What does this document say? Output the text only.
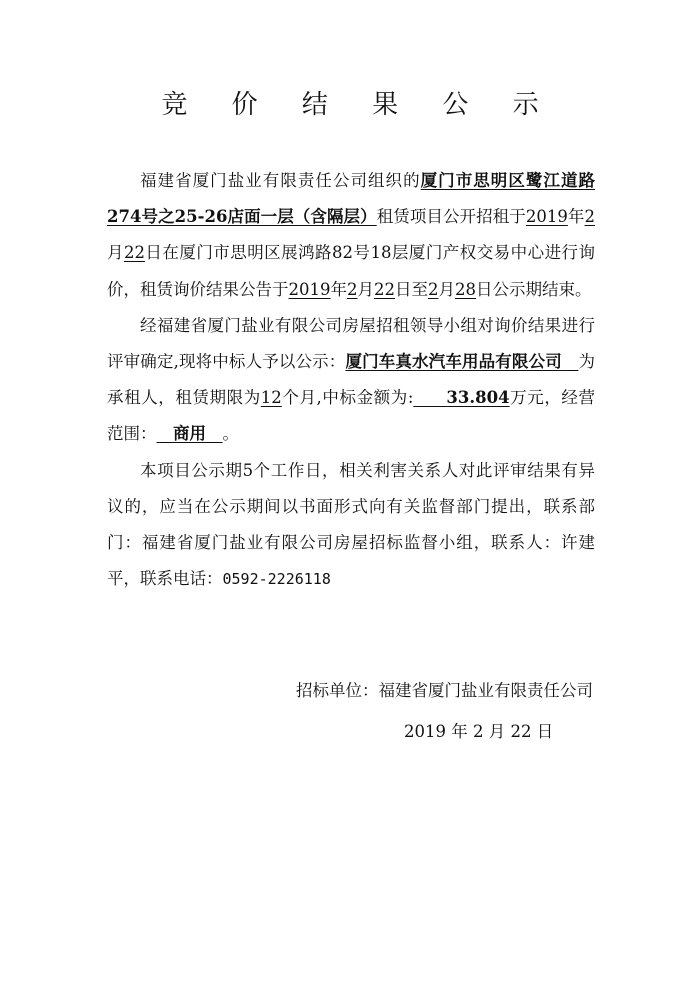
竞 价 结 果 公 示

福建省厦门盐业有限责任公司组织的厦门市思明区鹭江道路274号之25-26店面一层（含隔层）租赁项目公开招租于2019年2月22日在厦门市思明区展鸿路82号18层厦门产权交易中心进行询价，租赁询价结果公告于2019年2月22日至2月28日公示期结束。

经福建省厦门盐业有限公司房屋招租领导小组对询价结果进行评审确定,现将中标人予以公示：厦门车真水汽车用品有限公司  为承租人，租赁期限为12个月,中标金额为:   33.804万元，经营范围：  商用  。

本项目公示期5个工作日，相关利害关系人对此评审结果有异议的，应当在公示期间以书面形式向有关监督部门提出，联系部门：福建省厦门盐业有限公司房屋招标监督小组，联系人：许建平，联系电话：0592-2226118

招标单位：福建省厦门盐业有限责任公司
2019 年 2 月 22 日
